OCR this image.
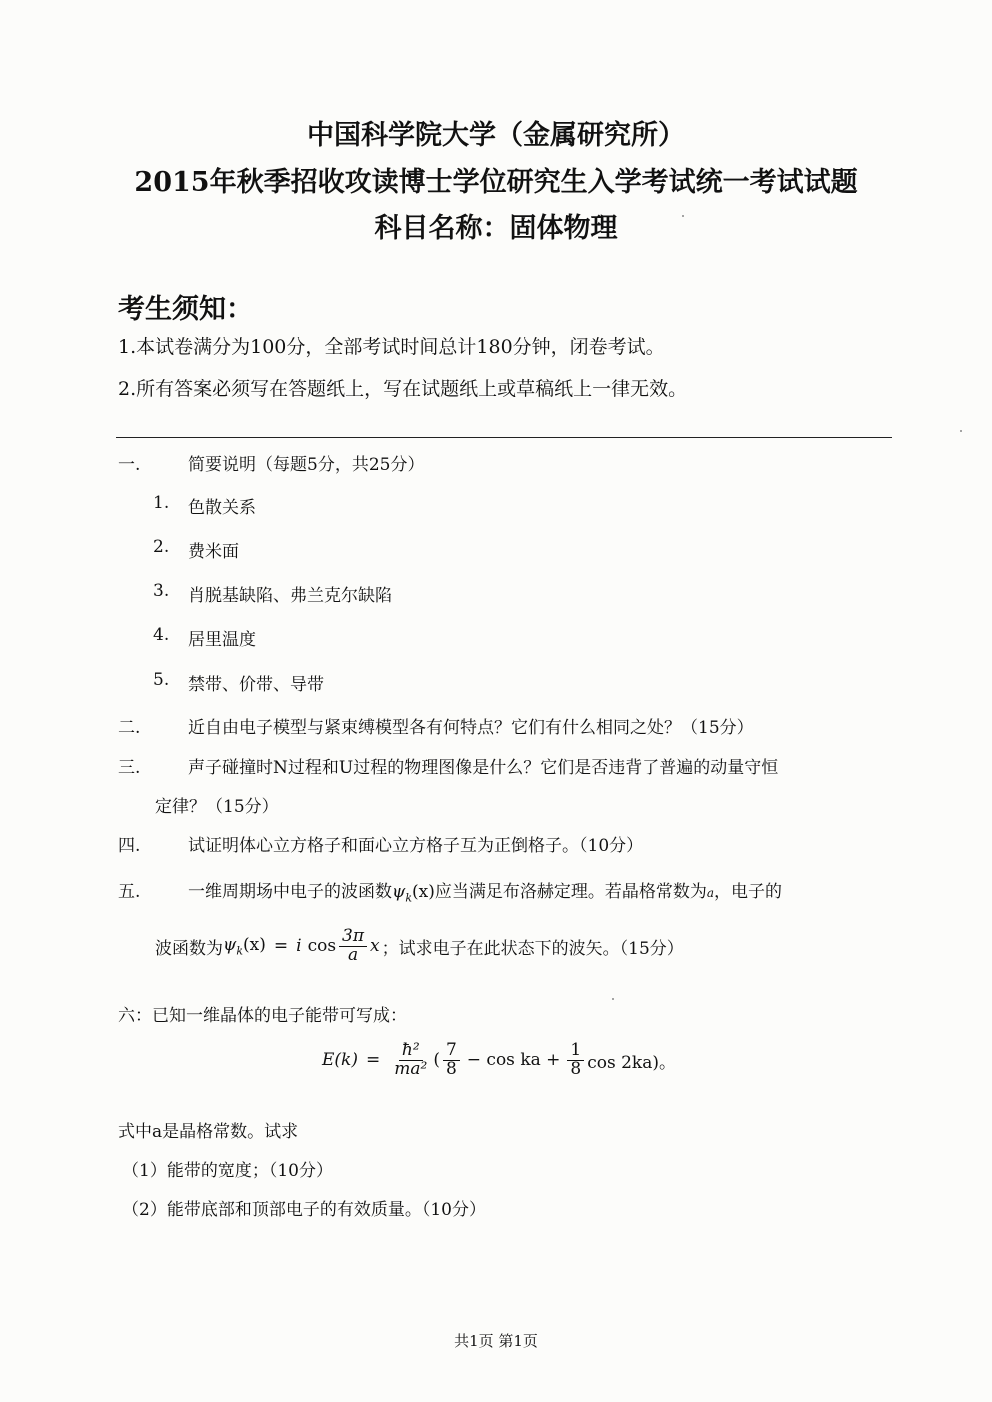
中国科学院大学（金属研究所）
2015年秋季招收攻读博士学位研究生入学考试统一考试试题
科目名称：固体物理
考生须知：
1.本试卷满分为100分，全部考试时间总计180分钟，闭卷考试。
2.所有答案必须写在答题纸上，写在试题纸上或草稿纸上一律无效。
一.	简要说明（每题5分，共25分）
1. 色散关系
2. 费米面
3. 肖脱基缺陷、弗兰克尔缺陷
4. 居里温度
5. 禁带、价带、导带
二.	近自由电子模型与紧束缚模型各有何特点？它们有什么相同之处？（15分）
三.	声子碰撞时N过程和U过程的物理图像是什么？它们是否违背了普遍的动量守恒
定律？（15分）
四.	试证明体心立方格子和面心立方格子互为正倒格子。（10分）
五.	一维周期场中电子的波函数$\psi_k(x)$应当满足布洛赫定理。若晶格常数为a，电子的
波函数为 $\psi_k(x) = i$ $\cos \frac{3\pi}{a}$ x ；试求电子在此状态下的波矢。（15分）
六：已知一维晶体的电子能带可写成：
$E(k) = \frac{\text{ħ²}}{\text{ma²}}$ ( $\frac{7}{8} - \cos$ ka + $\frac{1}{8}$ cos 2ka)。
式中a是晶格常数。试求
（1）能带的宽度；（10分）
（2）能带底部和顶部电子的有效质量。（10分）
共1页 第1页
